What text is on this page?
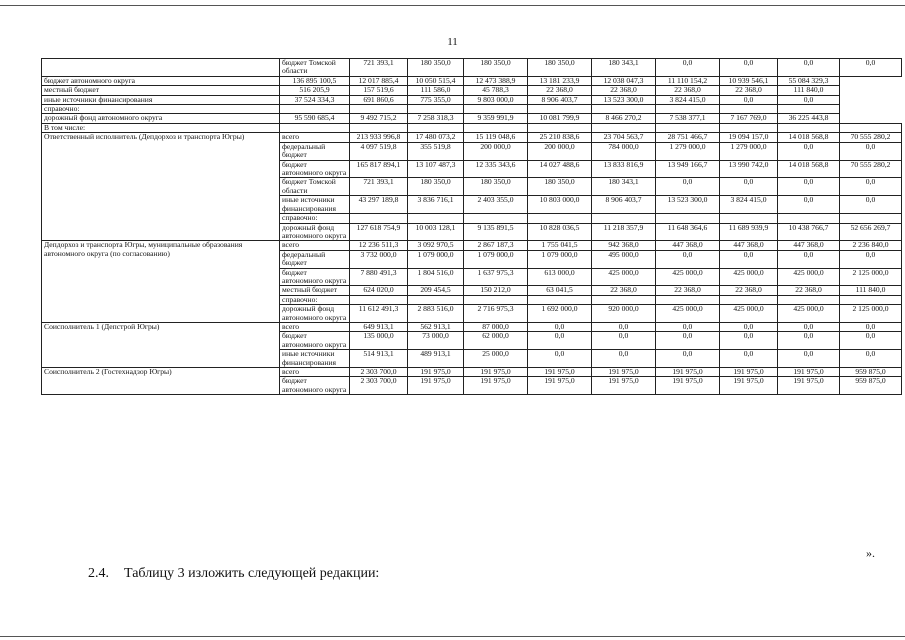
11
	бюджет Томской области	721 393,1	180 350,0	180 350,0	180 350,0	180 343,1	0,0	0,0	0,0	0,0
бюджет автономного округа	136 895 100,5	12 017 885,4	10 050 515,4	12 473 388,9	13 181 233,9	12 038 047,3	11 110 154,2	10 939 546,1	55 084 329,3	
местный бюджет	516 205,9	157 519,6	111 586,0	45 788,3	22 368,0	22 368,0	22 368,0	22 368,0	111 840,0	
иные источники финансирования	37 524 334,3	691 860,6	775 355,0	9 803 000,0	8 906 403,7	13 523 300,0	3 824 415,0	0,0	0,0	
справочно:										
дорожный фонд автономного округа	95 590 685,4	9 492 715,2	7 258 318,3	9 359 991,9	10 081 799,9	8 466 270,2	7 538 377,1	7 167 769,0	36 225 443,8	
В том числе:										
Ответственный исполнитель (Депдорхоз и транспорта Югры)	всего	213 933 996,8	17 480 073,2	15 119 048,6	25 210 838,6	23 704 563,7	28 751 466,7	19 094 157,0	14 018 568,8	70 555 280,2
	федеральный бюджет	4 097 519,8	355 519,8	200 000,0	200 000,0	784 000,0	1 279 000,0	1 279 000,0	0,0	0,0
	бюджет автономного округа	165 817 894,1	13 107 487,3	12 335 343,6	14 027 488,6	13 833 816,9	13 949 166,7	13 990 742,0	14 018 568,8	70 555 280,2
	бюджет Томской области	721 393,1	180 350,0	180 350,0	180 350,0	180 343,1	0,0	0,0	0,0	0,0
	иные источники финансирования	43 297 189,8	3 836 716,1	2 403 355,0	10 803 000,0	8 906 403,7	13 523 300,0	3 824 415,0	0,0	0,0
	справочно:									
	дорожный фонд автономного округа	127 618 754,9	10 003 128,1	9 135 891,5	10 828 036,5	11 218 357,9	11 648 364,6	11 689 939,9	10 438 766,7	52 656 269,7
Депдорхоз и транспорта Югры, муниципальные образования автономного округа (по согласованию)	всего	12 236 511,3	3 092 970,5	2 867 187,3	1 755 041,5	942 368,0	447 368,0	447 368,0	447 368,0	2 236 840,0
	федеральный бюджет	3 732 000,0	1 079 000,0	1 079 000,0	1 079 000,0	495 000,0	0,0	0,0	0,0	0,0
	бюджет автономного округа	7 880 491,3	1 804 516,0	1 637 975,3	613 000,0	425 000,0	425 000,0	425 000,0	425 000,0	2 125 000,0
	местный бюджет	624 020,0	209 454,5	150 212,0	63 041,5	22 368,0	22 368,0	22 368,0	22 368,0	111 840,0
	справочно:									
	дорожный фонд автономного округа	11 612 491,3	2 883 516,0	2 716 975,3	1 692 000,0	920 000,0	425 000,0	425 000,0	425 000,0	2 125 000,0
Соисполнитель 1 (Депстрой Югры)	всего	649 913,1	562 913,1	87 000,0	0,0	0,0	0,0	0,0	0,0	0,0
	бюджет автономного округа	135 000,0	73 000,0	62 000,0	0,0	0,0	0,0	0,0	0,0	0,0
	иные источники финансирования	514 913,1	489 913,1	25 000,0	0,0	0,0	0,0	0,0	0,0	0,0
Соисполнитель 2 (Гостехнадзор Югры)	всего	2 303 700,0	191 975,0	191 975,0	191 975,0	191 975,0	191 975,0	191 975,0	191 975,0	959 875,0
	бюджет автономного округа	2 303 700,0	191 975,0	191 975,0	191 975,0	191 975,0	191 975,0	191 975,0	191 975,0	959 875,0
».
2.4. Таблицу 3 изложить следующей редакции:
